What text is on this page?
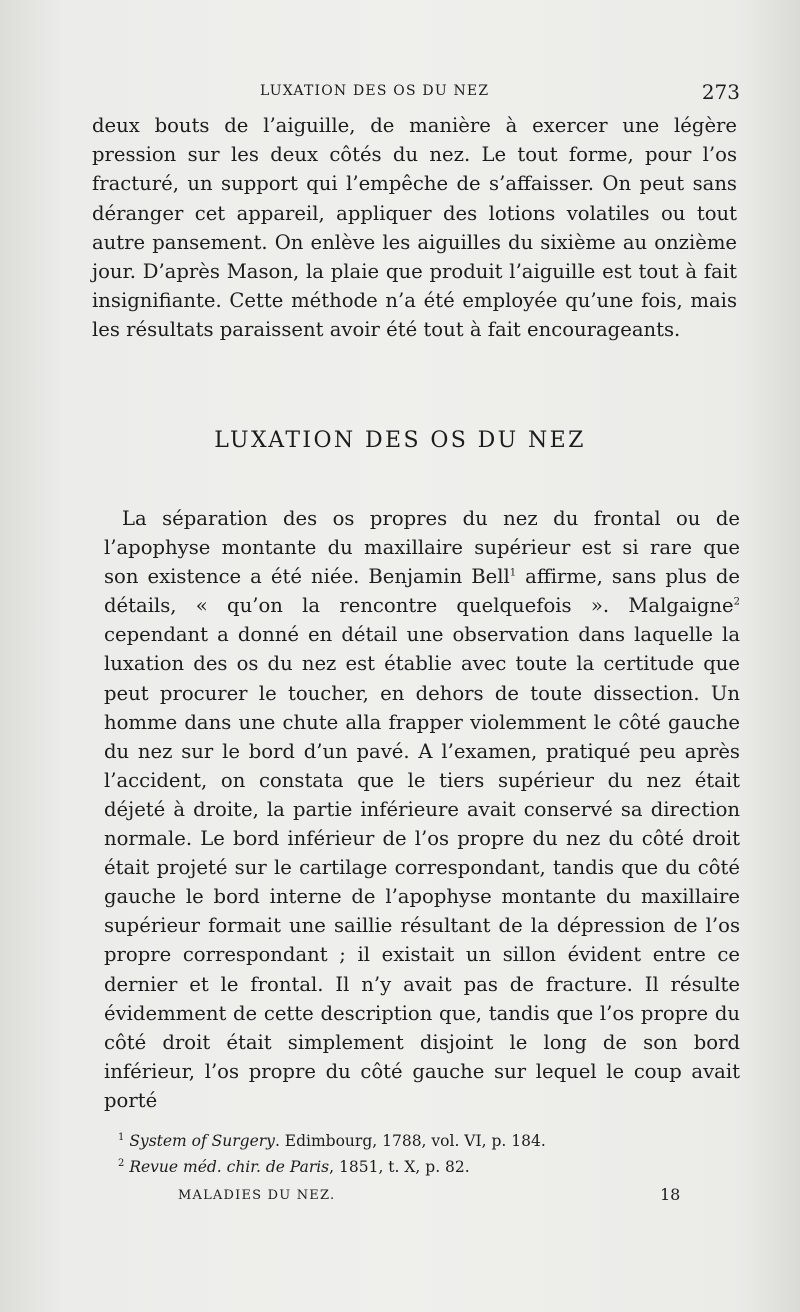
LUXATION DES OS DU NEZ	273

deux bouts de l’aiguille, de manière à exercer une légère pression sur les deux côtés du nez. Le tout forme, pour l’os fracturé, un support qui l’empêche de s’affaisser. On peut sans déranger cet appareil, appliquer des lotions volatiles ou tout autre pansement. On enlève les aiguilles du sixième au onzième jour. D’après Mason, la plaie que produit l’aiguille est tout à fait insignifiante. Cette méthode n’a été employée qu’une fois, mais les résultats paraissent avoir été tout à fait encourageants.

LUXATION DES OS DU NEZ

La séparation des os propres du nez du frontal ou de l’apophyse montante du maxillaire supérieur est si rare que son existence a été niée. Benjamin Bell$^1$ affirme, sans plus de détails, « qu’on la rencontre quelquefois ». Malgaigne$^2$ cependant a donné en détail une observation dans laquelle la luxation des os du nez est établie avec toute la certitude que peut procurer le toucher, en dehors de toute dissection. Un homme dans une chute alla frapper violemment le côté gauche du nez sur le bord d’un pavé. A l’examen, pratiqué peu après l’accident, on constata que le tiers supérieur du nez était déjeté à droite, la partie inférieure avait conservé sa direction normale. Le bord inférieur de l’os propre du nez du côté droit était projeté sur le cartilage correspondant, tandis que du côté gauche le bord interne de l’apophyse montante du maxillaire supérieur formait une saillie résultant de la dépression de l’os propre correspondant ; il existait un sillon évident entre ce dernier et le frontal. Il n’y avait pas de fracture. Il résulte évidemment de cette description que, tandis que l’os propre du côté droit était simplement disjoint le long de son bord inférieur, l’os propre du côté gauche sur lequel le coup avait porté

$^1$ System of Surgery. Edimbourg, 1788, vol. VI, p. 184.
$^2$ Revue méd. chir. de Paris, 1851, t. X, p. 82.
MALADIES DU NEZ.	18
